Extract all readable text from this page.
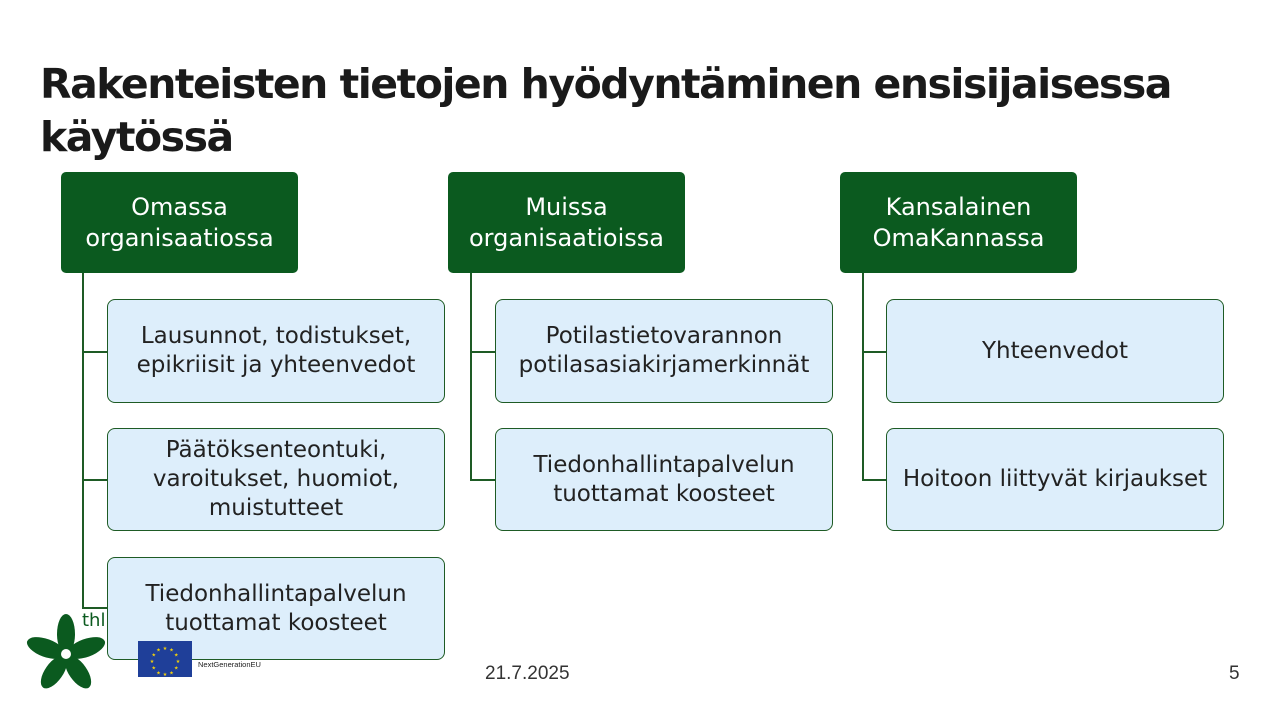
Rakenteisten tietojen hyödyntäminen ensisijaisessa käytössä
Omassa organisaatiossa
Lausunnot, todistukset, epikriisit ja yhteenvedot
Päätöksenteontuki, varoitukset, huomiot, muistutteet
Tiedonhallintapalvelun tuottamat koosteet
Muissa organisaatioissa
Potilastietovarannon potilasasiakirjamerkinnät
Tiedonhallintapalvelun tuottamat koosteet
Kansalainen OmaKannassa
Yhteenvedot
Hoitoon liittyvät kirjaukset
thl
★ ★
★
★
★
★
★
★
★
★
★
★
NextGenerationEU	21.7.2025	5
